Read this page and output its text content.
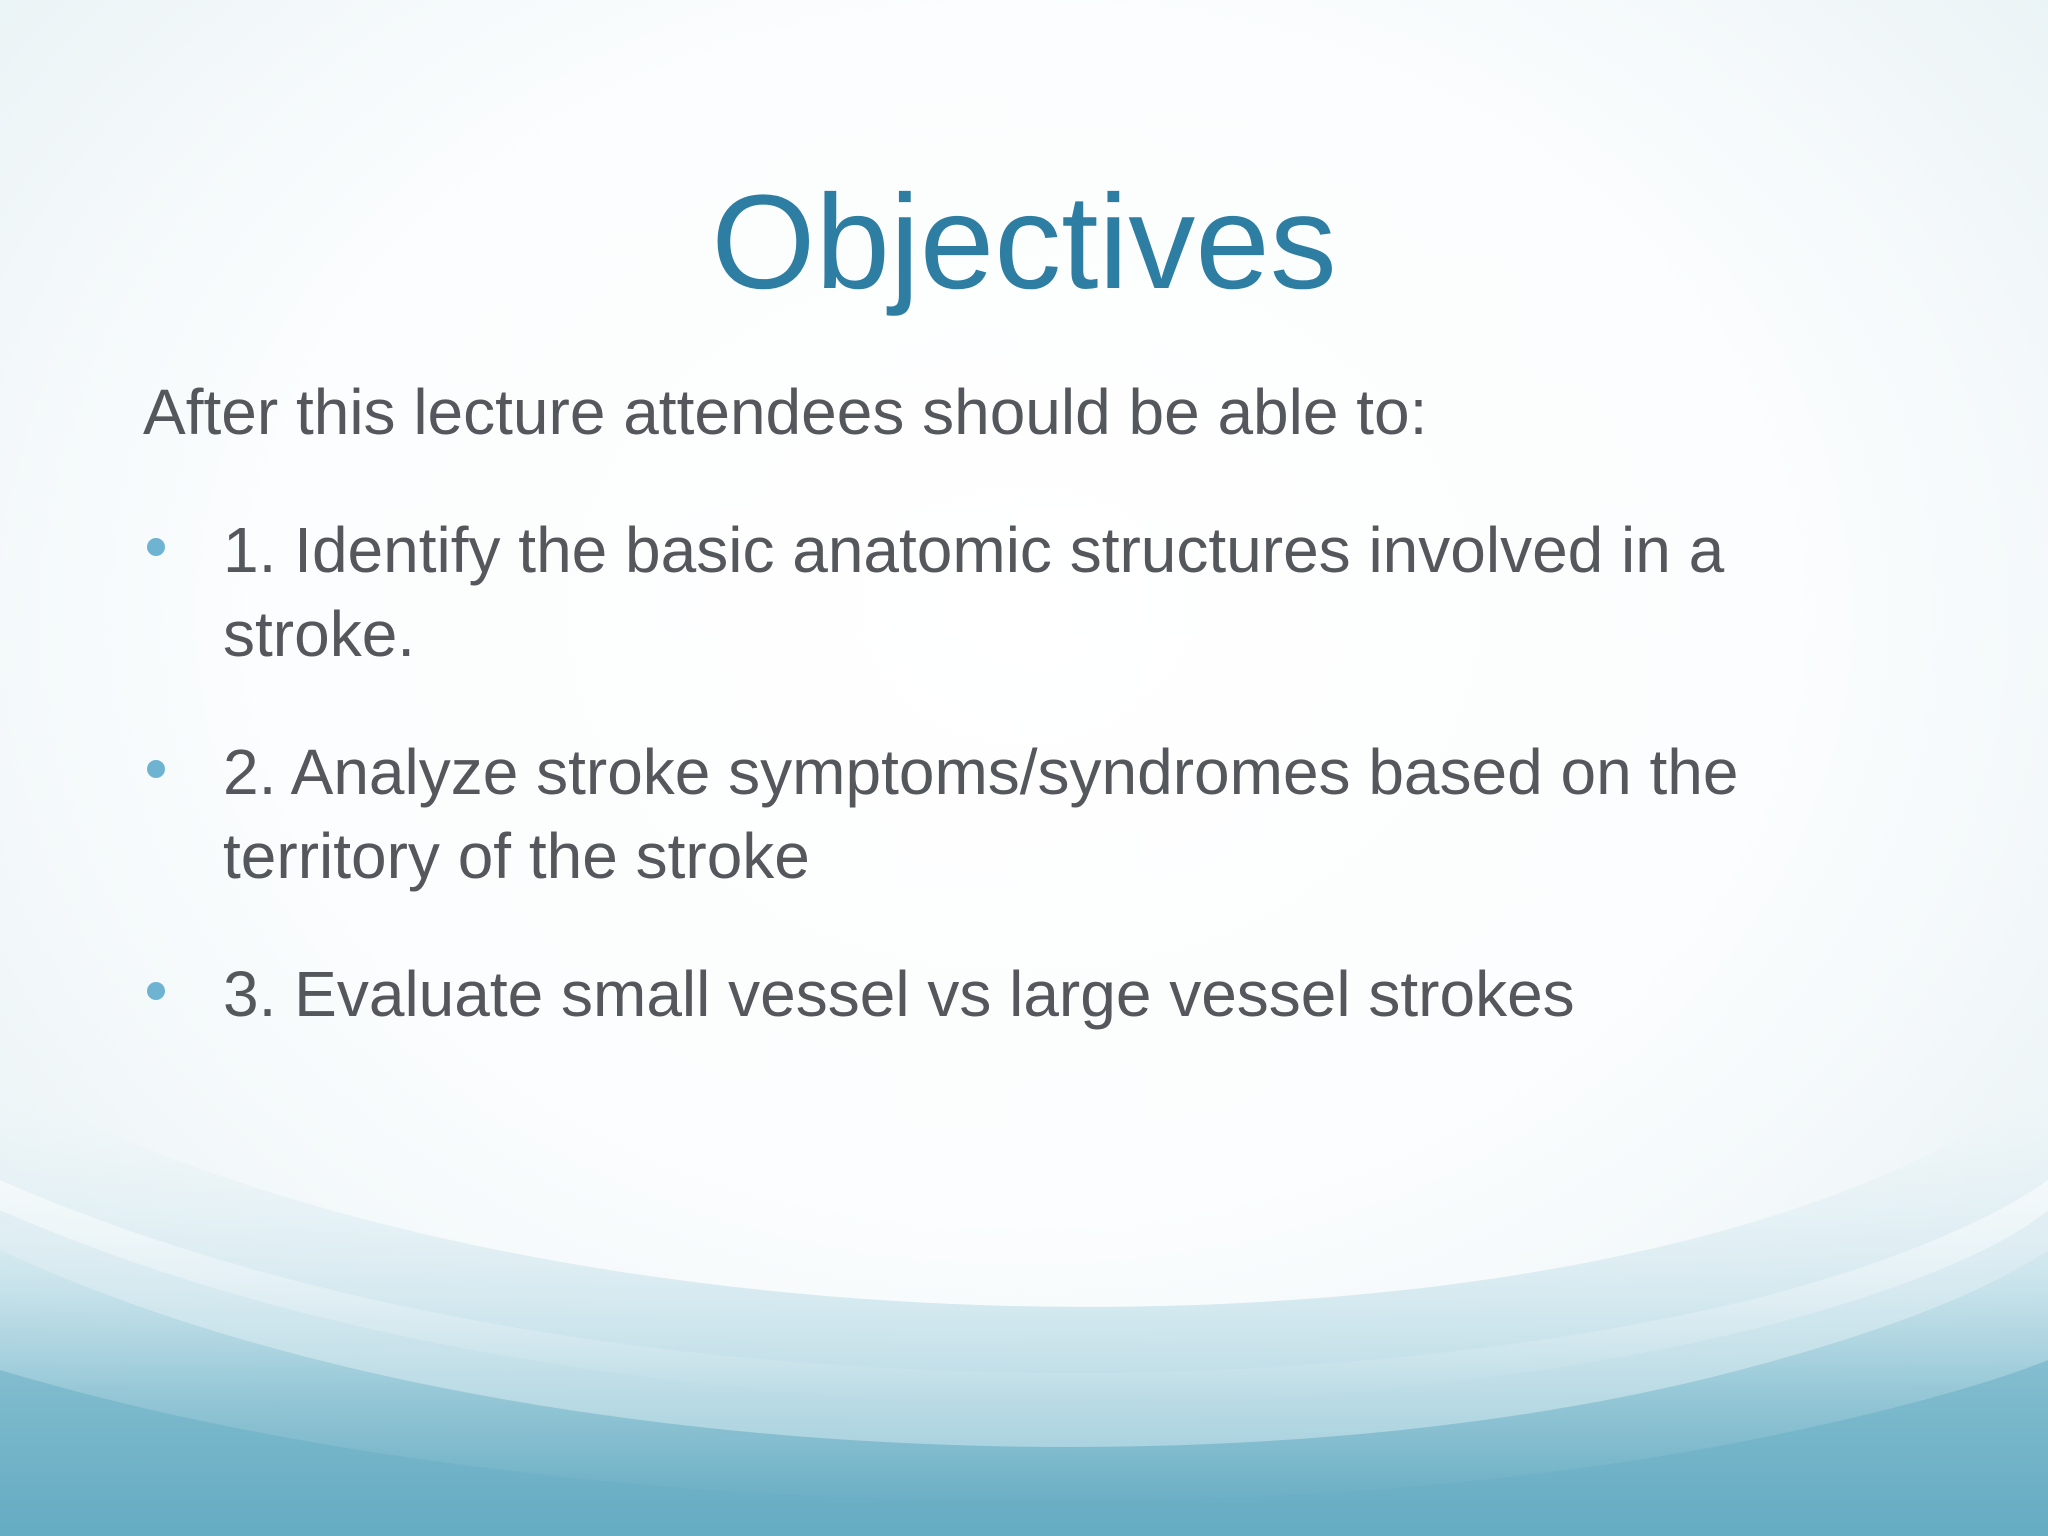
Objectives

After this lecture attendees should be able to:

1. Identify the basic anatomic structures involved in a stroke.
2. Analyze stroke symptoms/syndromes based on the territory of the stroke
3. Evaluate small vessel vs large vessel strokes
